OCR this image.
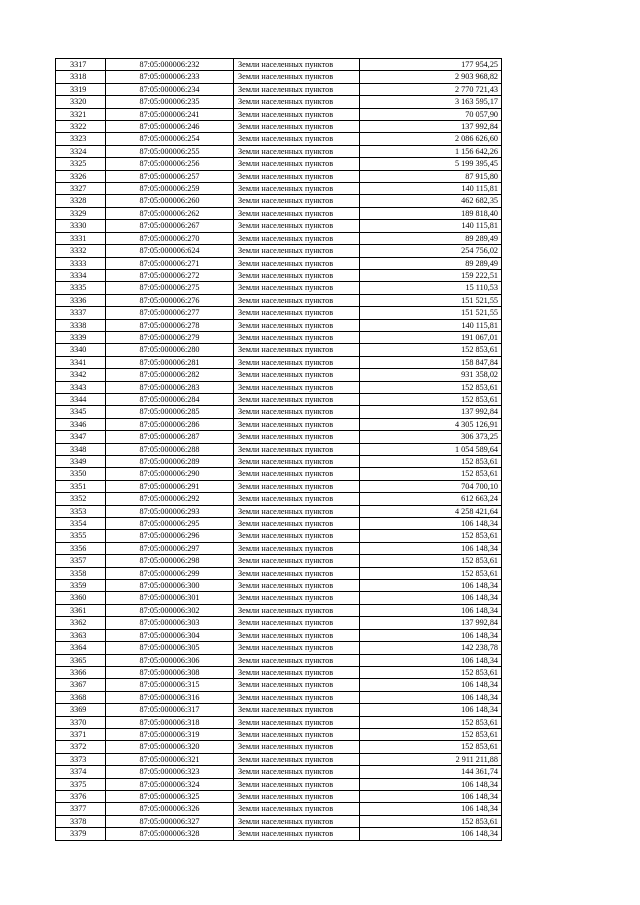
3317	87:05:000006:232	Земли населенных пунктов	177 954,25
3318	87:05:000006:233	Земли населенных пунктов	2 903 968,82
3319	87:05:000006:234	Земли населенных пунктов	2 770 721,43
3320	87:05:000006:235	Земли населенных пунктов	3 163 595,17
3321	87:05:000006:241	Земли населенных пунктов	70 057,90
3322	87:05:000006:246	Земли населенных пунктов	137 992,84
3323	87:05:000006:254	Земли населенных пунктов	2 086 626,60
3324	87:05:000006:255	Земли населенных пунктов	1 156 642,26
3325	87:05:000006:256	Земли населенных пунктов	5 199 395,45
3326	87:05:000006:257	Земли населенных пунктов	87 915,80
3327	87:05:000006:259	Земли населенных пунктов	140 115,81
3328	87:05:000006:260	Земли населенных пунктов	462 682,35
3329	87:05:000006:262	Земли населенных пунктов	189 818,40
3330	87:05:000006:267	Земли населенных пунктов	140 115,81
3331	87:05:000006:270	Земли населенных пунктов	89 289,49
3332	87:05:000006:624	Земли населенных пунктов	254 756,02
3333	87:05:000006:271	Земли населенных пунктов	89 289,49
3334	87:05:000006:272	Земли населенных пунктов	159 222,51
3335	87:05:000006:275	Земли населенных пунктов	15 110,53
3336	87:05:000006:276	Земли населенных пунктов	151 521,55
3337	87:05:000006:277	Земли населенных пунктов	151 521,55
3338	87:05:000006:278	Земли населенных пунктов	140 115,81
3339	87:05:000006:279	Земли населенных пунктов	191 067,01
3340	87:05:000006:280	Земли населенных пунктов	152 853,61
3341	87:05:000006:281	Земли населенных пунктов	158 847,84
3342	87:05:000006:282	Земли населенных пунктов	931 358,02
3343	87:05:000006:283	Земли населенных пунктов	152 853,61
3344	87:05:000006:284	Земли населенных пунктов	152 853,61
3345	87:05:000006:285	Земли населенных пунктов	137 992,84
3346	87:05:000006:286	Земли населенных пунктов	4 305 126,91
3347	87:05:000006:287	Земли населенных пунктов	306 373,25
3348	87:05:000006:288	Земли населенных пунктов	1 054 589,64
3349	87:05:000006:289	Земли населенных пунктов	152 853,61
3350	87:05:000006:290	Земли населенных пунктов	152 853,61
3351	87:05:000006:291	Земли населенных пунктов	704 700,10
3352	87:05:000006:292	Земли населенных пунктов	612 663,24
3353	87:05:000006:293	Земли населенных пунктов	4 258 421,64
3354	87:05:000006:295	Земли населенных пунктов	106 148,34
3355	87:05:000006:296	Земли населенных пунктов	152 853,61
3356	87:05:000006:297	Земли населенных пунктов	106 148,34
3357	87:05:000006:298	Земли населенных пунктов	152 853,61
3358	87:05:000006:299	Земли населенных пунктов	152 853,61
3359	87:05:000006:300	Земли населенных пунктов	106 148,34
3360	87:05:000006:301	Земли населенных пунктов	106 148,34
3361	87:05:000006:302	Земли населенных пунктов	106 148,34
3362	87:05:000006:303	Земли населенных пунктов	137 992,84
3363	87:05:000006:304	Земли населенных пунктов	106 148,34
3364	87:05:000006:305	Земли населенных пунктов	142 238,78
3365	87:05:000006:306	Земли населенных пунктов	106 148,34
3366	87:05:000006:308	Земли населенных пунктов	152 853,61
3367	87:05:000006:315	Земли населенных пунктов	106 148,34
3368	87:05:000006:316	Земли населенных пунктов	106 148,34
3369	87:05:000006:317	Земли населенных пунктов	106 148,34
3370	87:05:000006:318	Земли населенных пунктов	152 853,61
3371	87:05:000006:319	Земли населенных пунктов	152 853,61
3372	87:05:000006:320	Земли населенных пунктов	152 853,61
3373	87:05:000006:321	Земли населенных пунктов	2 911 211,88
3374	87:05:000006:323	Земли населенных пунктов	144 361,74
3375	87:05:000006:324	Земли населенных пунктов	106 148,34
3376	87:05:000006:325	Земли населенных пунктов	106 148,34
3377	87:05:000006:326	Земли населенных пунктов	106 148,34
3378	87:05:000006:327	Земли населенных пунктов	152 853,61
3379	87:05:000006:328	Земли населенных пунктов	106 148,34
